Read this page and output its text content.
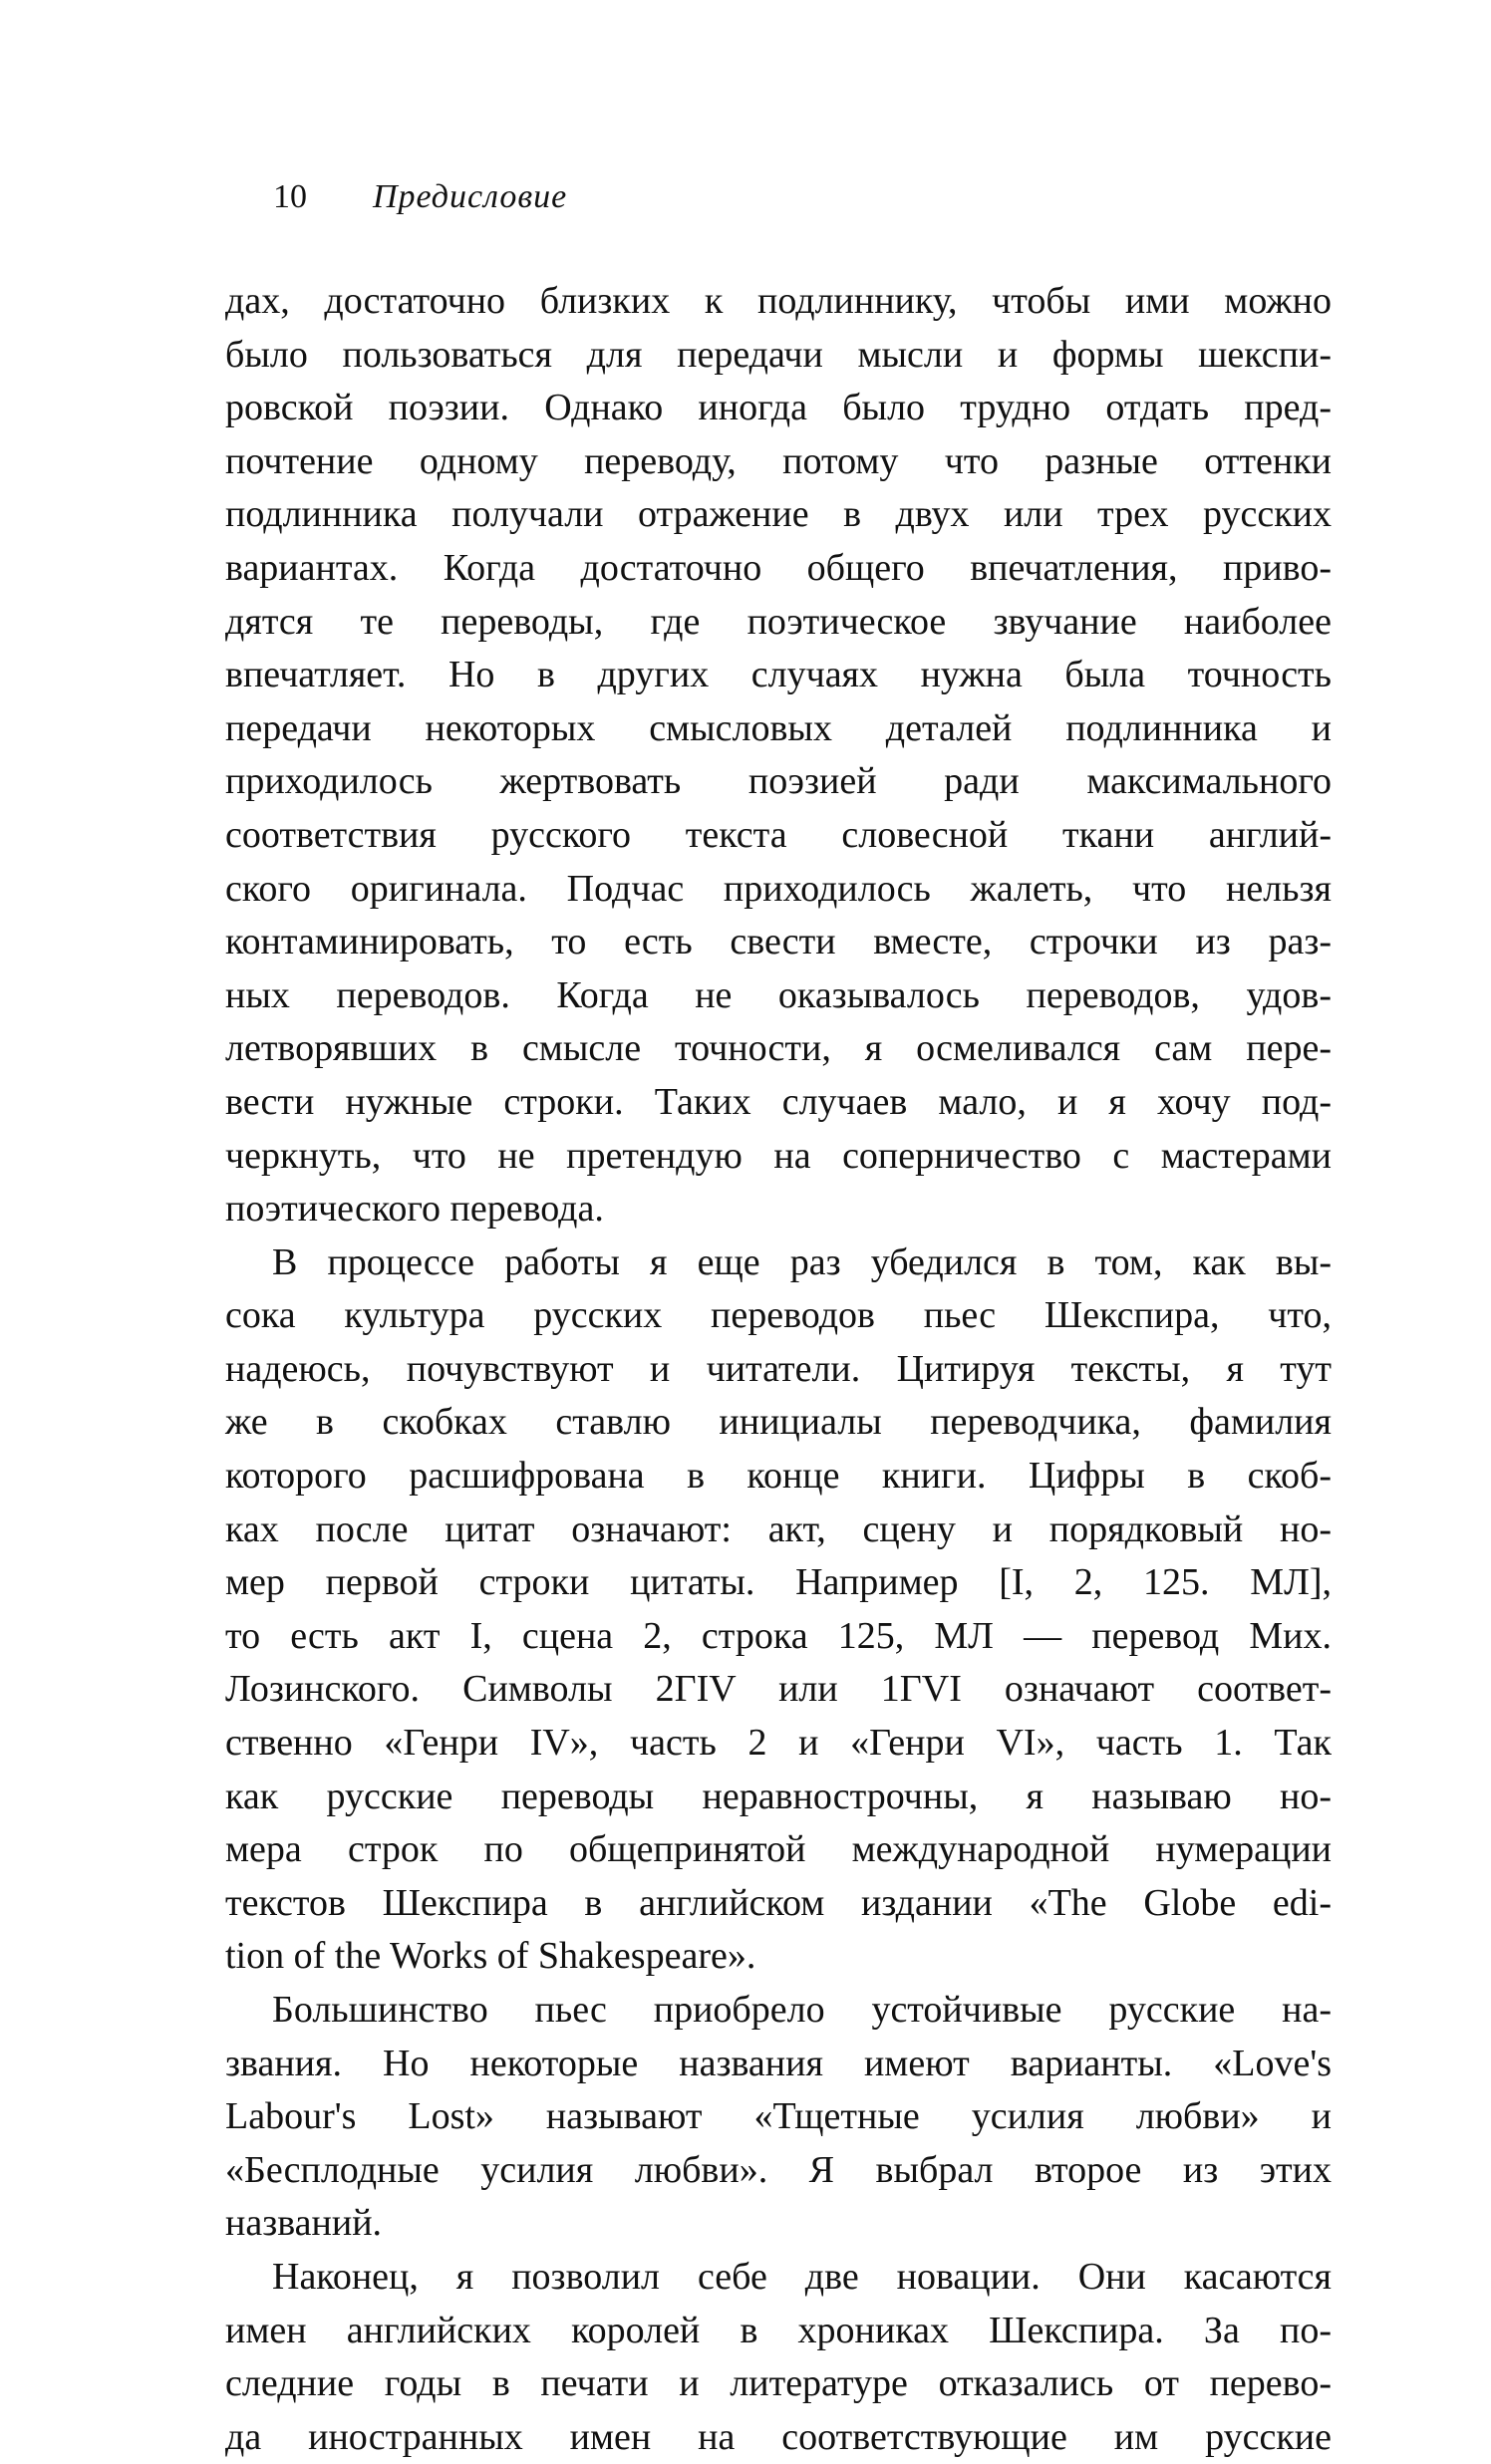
10 Предисловие
дах, достаточно близких к подлиннику, чтобы ими можно
было пользоваться для передачи мысли и формы шекспи-
ровской поэзии. Однако иногда было трудно отдать пред-
почтение одному переводу, потому что разные оттенки
подлинника получали отражение в двух или трех русских
вариантах. Когда достаточно общего впечатления, приво-
дятся те переводы, где поэтическое звучание наиболее
впечатляет. Но в других случаях нужна была точность
передачи некоторых смысловых деталей подлинника и
приходилось жертвовать поэзией ради максимального
соответствия русского текста словесной ткани англий-
ского оригинала. Подчас приходилось жалеть, что нельзя
контаминировать, то есть свести вместе, строчки из раз-
ных переводов. Когда не оказывалось переводов, удов-
летворявших в смысле точности, я осмеливался сам пере-
вести нужные строки. Таких случаев мало, и я хочу под-
черкнуть, что не претендую на соперничество с мастерами
поэтического перевода.
В процессе работы я еще раз убедился в том, как вы-
сока культура русских переводов пьес Шекспира, что,
надеюсь, почувствуют и читатели. Цитируя тексты, я тут
же в скобках ставлю инициалы переводчика, фамилия
которого расшифрована в конце книги. Цифры в скоб-
ках после цитат означают: акт, сцену и порядковый но-
мер первой строки цитаты. Например [I, 2, 125. МЛ],
то есть акт I, сцена 2, строка 125, МЛ — перевод Мих.
Лозинского. Символы 2ГIV или 1ГVI означают соответ-
ственно «Генри IV», часть 2 и «Генри VI», часть 1. Так
как русские переводы неравнострочны, я называю но-
мера строк по общепринятой международной нумерации
текстов Шекспира в английском издании «The Globe edi-
tion of the Works of Shakespeare».
Большинство пьес приобрело устойчивые русские на-
звания. Но некоторые названия имеют варианты. «Love's
Labour's Lost» называют «Тщетные усилия любви» и
«Бесплодные усилия любви». Я выбрал второе из этих
названий.
Наконец, я позволил себе две новации. Они касаются
имен английских королей в хрониках Шекспира. За по-
следние годы в печати и литературе отказались от перево-
да иностранных имен на соответствующие им русские
